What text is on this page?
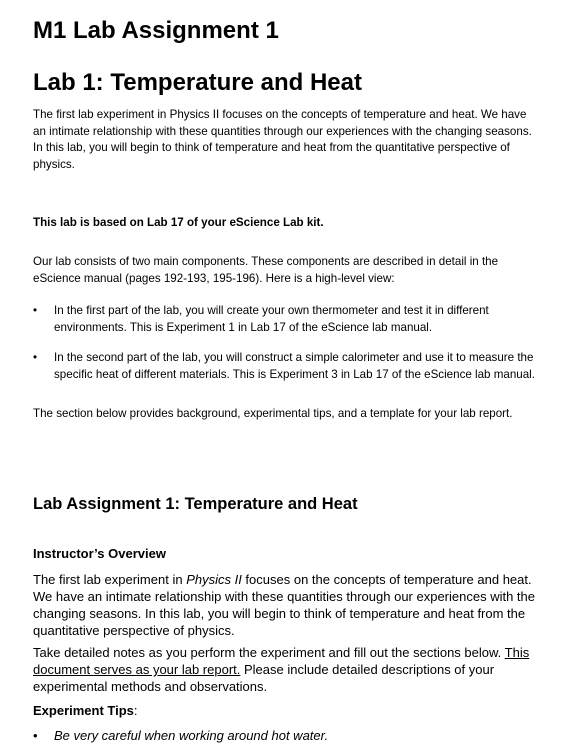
M1 Lab Assignment 1
Lab 1: Temperature and Heat
The first lab experiment in Physics II focuses on the concepts of temperature and heat. We have an intimate relationship with these quantities through our experiences with the changing seasons. In this lab, you will begin to think of temperature and heat from the quantitative perspective of physics.
This lab is based on Lab 17 of your eScience Lab kit.
Our lab consists of two main components. These components are described in detail in the eScience manual (pages 192-193, 195-196). Here is a high-level view:
•	In the first part of the lab, you will create your own thermometer and test it in different environments. This is Experiment 1 in Lab 17 of the eScience lab manual.
•	In the second part of the lab, you will construct a simple calorimeter and use it to measure the specific heat of different materials. This is Experiment 3 in Lab 17 of the eScience lab manual.
The section below provides background, experimental tips, and a template for your lab report.
Lab Assignment 1: Temperature and Heat
Instructor’s Overview
The first lab experiment in Physics II focuses on the concepts of temperature and heat. We have an intimate relationship with these quantities through our experiences with the changing seasons. In this lab, you will begin to think of temperature and heat from the quantitative perspective of physics.
Take detailed notes as you perform the experiment and fill out the sections below. This document serves as your lab report. Please include detailed descriptions of your experimental methods and observations.
Experiment Tips:
•	Be very careful when working around hot water.
